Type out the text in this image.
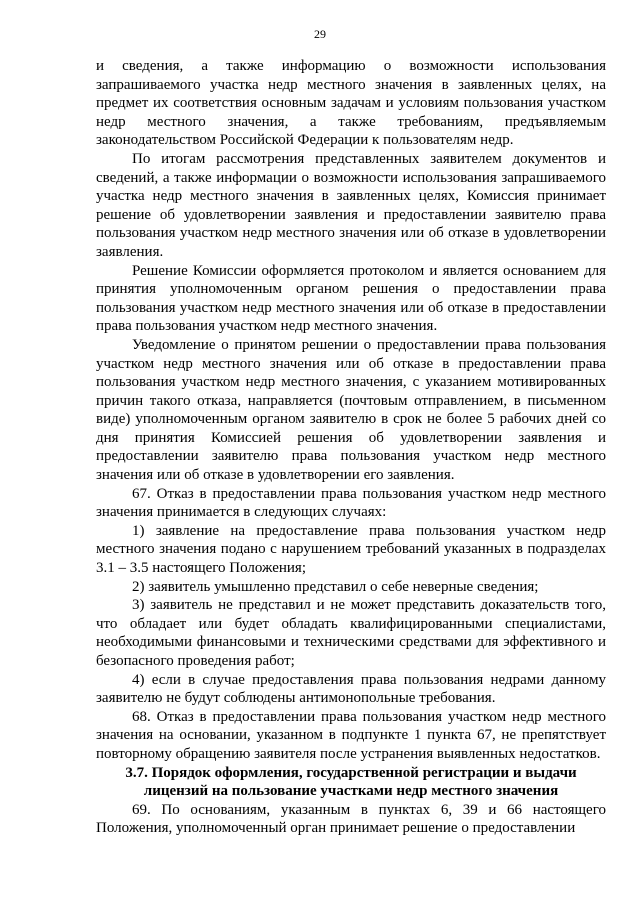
29

и сведения, а также информацию о возможности использования запрашиваемого участка недр местного значения в заявленных целях, на предмет их соответствия основным задачам и условиям пользования участком недр местного значения, а также требованиям, предъявляемым законодательством Российской Федерации к пользователям недр.

По итогам рассмотрения представленных заявителем документов и сведений, а также информации о возможности использования запрашиваемого участка недр местного значения в заявленных целях, Комиссия принимает решение об удовлетворении заявления и предоставлении заявителю права пользования участком недр местного значения или об отказе в удовлетворении заявления.

Решение Комиссии оформляется протоколом и является основанием для принятия уполномоченным органом решения о предоставлении права пользования участком недр местного значения или об отказе в предоставлении права пользования участком недр местного значения.

Уведомление о принятом решении о предоставлении права пользования участком недр местного значения или об отказе в предоставлении права пользования участком недр местного значения, с указанием мотивированных причин такого отказа, направляется (почтовым отправлением, в письменном виде) уполномоченным органом заявителю в срок не более 5 рабочих дней со дня принятия Комиссией решения об удовлетворении заявления и предоставлении заявителю права пользования участком недр местного значения или об отказе в удовлетворении его заявления.

67. Отказ в предоставлении права пользования участком недр местного значения принимается в следующих случаях:

1) заявление на предоставление права пользования участком недр местного значения подано с нарушением требований указанных в подразделах 3.1 – 3.5 настоящего Положения;

2) заявитель умышленно представил о себе неверные сведения;

3) заявитель не представил и не может представить доказательств того, что обладает или будет обладать квалифицированными специалистами, необходимыми финансовыми и техническими средствами для эффективного и безопасного проведения работ;

4) если в случае предоставления права пользования недрами данному заявителю не будут соблюдены антимонопольные требования.

68. Отказ в предоставлении права пользования участком недр местного значения на основании, указанном в подпункте 1 пункта 67, не препятствует повторному обращению заявителя после устранения выявленных недостатков.

3.7. Порядок оформления, государственной регистрации и выдачи
лицензий на пользование участками недр местного значения

69. По основаниям, указанным в пунктах 6, 39 и 66 настоящего Положения, уполномоченный орган принимает решение о предоставлении
